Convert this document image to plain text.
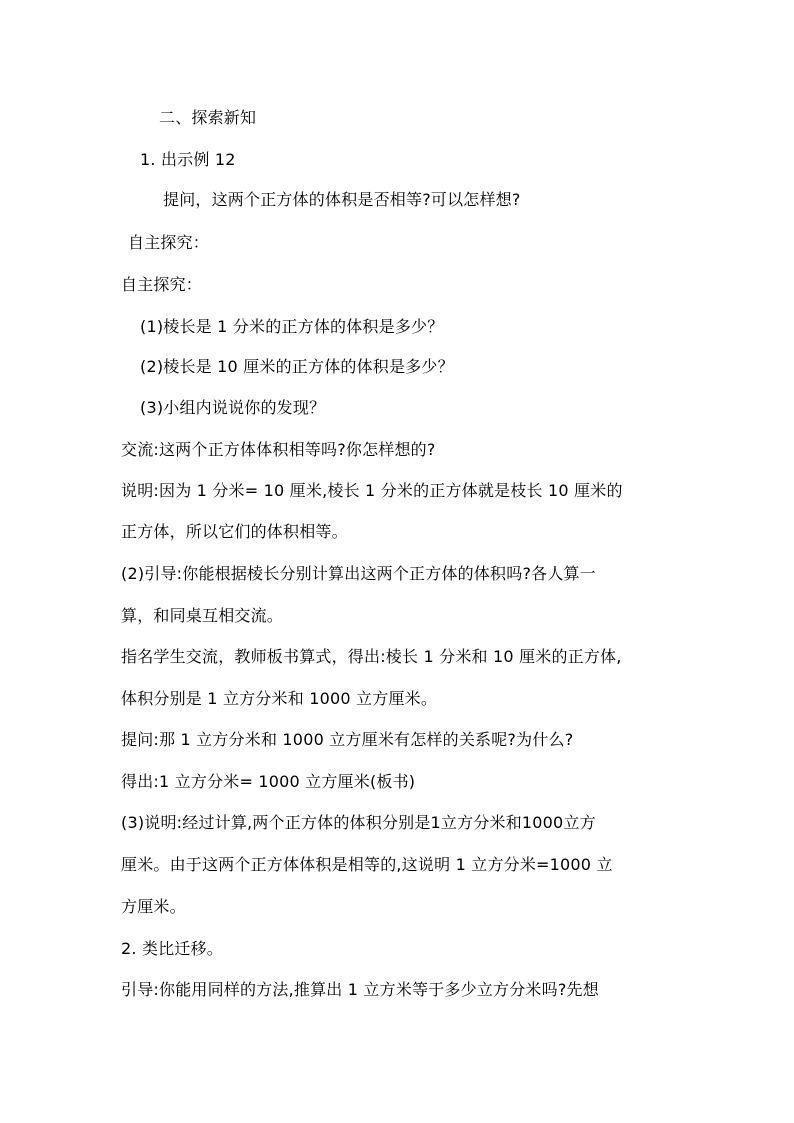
二、探索新知
1. 出示例 12
提问，这两个正方体的体积是否相等?可以怎样想?
自主探究：
自主探究：
(1)棱长是 1 分米的正方体的体积是多少？
(2)棱长是 10 厘米的正方体的体积是多少？
(3)小组内说说你的发现？
交流:这两个正方体体积相等吗?你怎样想的?
说明:因为 1 分米= 10 厘米,棱长 1 分米的正方体就是枝长 10 厘米的
正方体，所以它们的体积相等。
(2)引导:你能根据棱长分别计算出这两个正方体的体积吗?各人算一
算，和同桌互相交流。
指名学生交流，教师板书算式，得出:棱长 1 分米和 10 厘米的正方体,
体积分别是 1 立方分米和 1000 立方厘米。
提问:那 1 立方分米和 1000 立方厘米有怎样的关系呢?为什么?
得出:1 立方分米= 1000 立方厘米(板书)
(3)说明:经过计算,两个正方体的体积分别是1立方分米和1000立方
厘米。由于这两个正方体体积是相等的,这说明 1 立方分米=1000 立
方厘米。
2. 类比迁移。
引导:你能用同样的方法,推算出 1 立方米等于多少立方分米吗?先想
